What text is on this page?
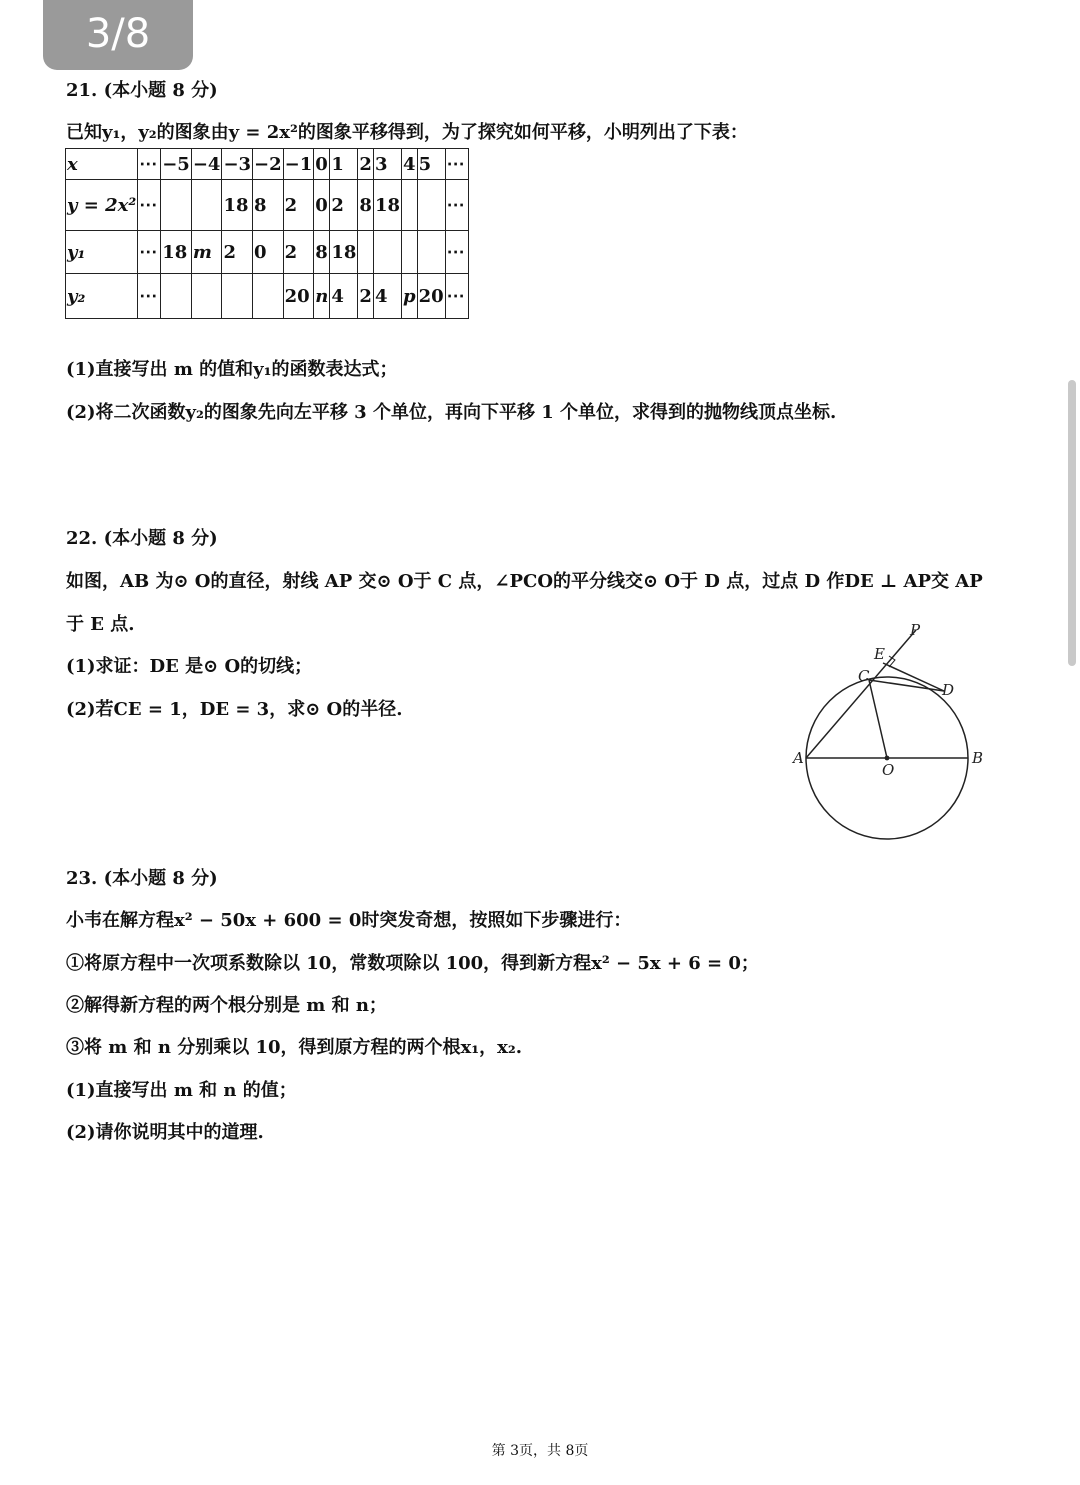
3/8
21. (本小题 8 分)
已知y₁，y₂的图象由y = 2x²的图象平移得到，为了探究如何平移，小明列出了下表：
x	⋯	−5	−4	−3	−2	−1	0	1	2	3	4	5	⋯
y = 2x²	⋯			18	8	2	0	2	8	18			⋯
y₁	⋯	18	m	2	0	2	8	18					⋯
y₂	⋯					20	n	4	2	4	p	20	⋯
(1)直接写出 m 的值和y₁的函数表达式；
(2)将二次函数y₂的图象先向左平移 3 个单位，再向下平移 1 个单位，求得到的抛物线顶点坐标.
22. (本小题 8 分)
如图，AB 为⊙ O的直径，射线 AP 交⊙ O于 C 点，∠PCO的平分线交⊙ O于 D 点，过点 D 作DE ⊥ AP交 AP
于 E 点.
(1)求证：DE 是⊙ O的切线；
(2)若CE = 1，DE = 3，求⊙ O的半径.
P
E
C
D
A
O
B
23. (本小题 8 分)
小韦在解方程x² − 50x + 600 = 0时突发奇想，按照如下步骤进行：
①将原方程中一次项系数除以 10，常数项除以 100，得到新方程x² − 5x + 6 = 0；
②解得新方程的两个根分别是 m 和 n；
③将 m 和 n 分别乘以 10，得到原方程的两个根x₁，x₂.
(1)直接写出 m 和 n 的值；
(2)请你说明其中的道理.
第 3页，共 8页
